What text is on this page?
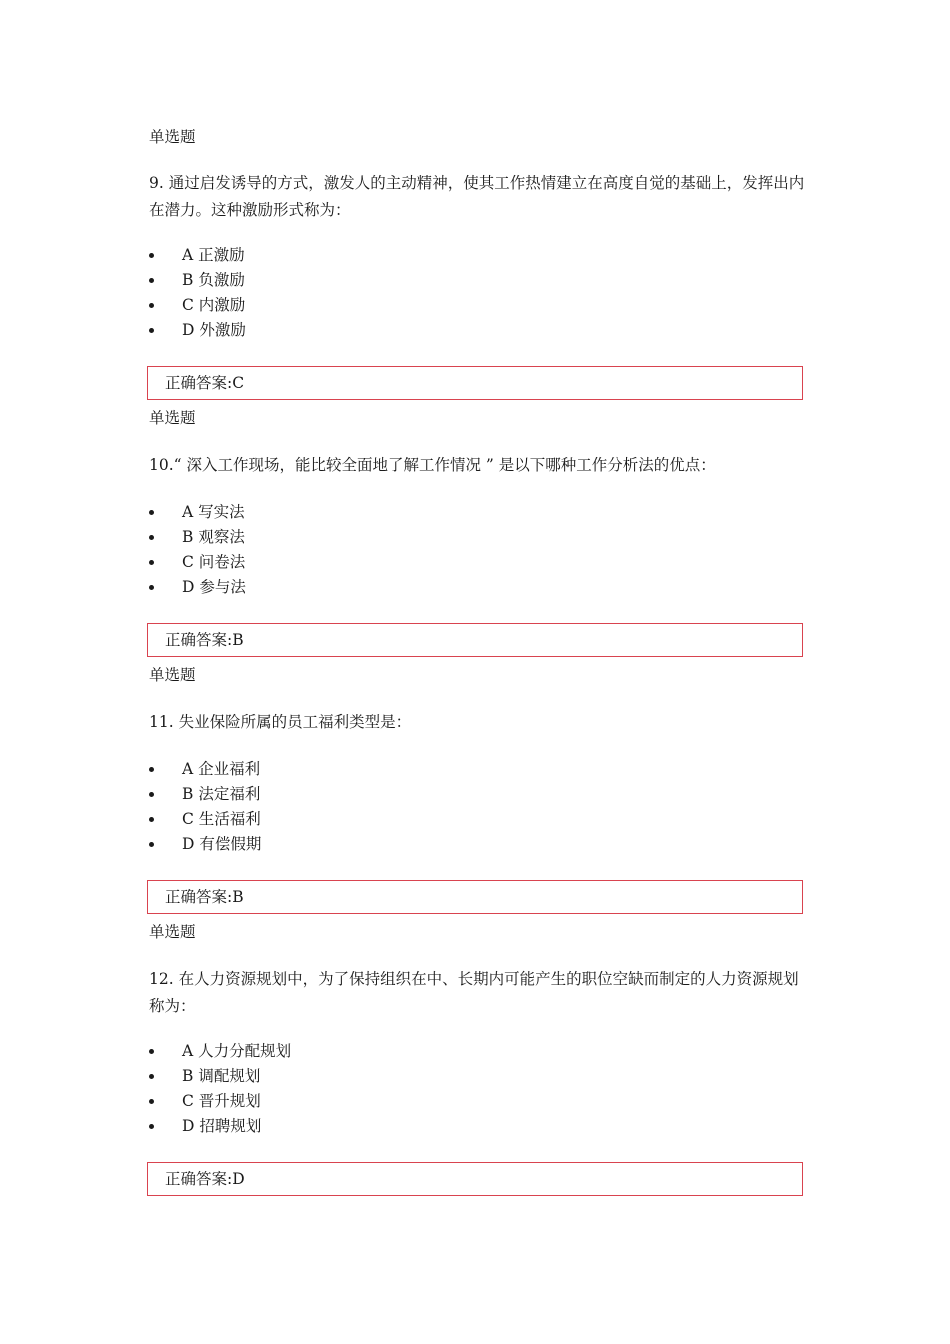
单选题
9. 通过启发诱导的方式，激发人的主动精神，使其工作热情建立在高度自觉的基础上，发挥出内在潜力。这种激励形式称为：
A 正激励
B 负激励
C 内激励
D 外激励
正确答案:C
单选题
10.“ 深入工作现场，能比较全面地了解工作情况 ” 是以下哪种工作分析法的优点：
A 写实法
B 观察法
C 问卷法
D 参与法
正确答案:B
单选题
11. 失业保险所属的员工福利类型是：
A 企业福利
B 法定福利
C 生活福利
D 有偿假期
正确答案:B
单选题
12. 在人力资源规划中，为了保持组织在中、长期内可能产生的职位空缺而制定的人力资源规划称为：
A 人力分配规划
B 调配规划
C 晋升规划
D 招聘规划
正确答案:D
